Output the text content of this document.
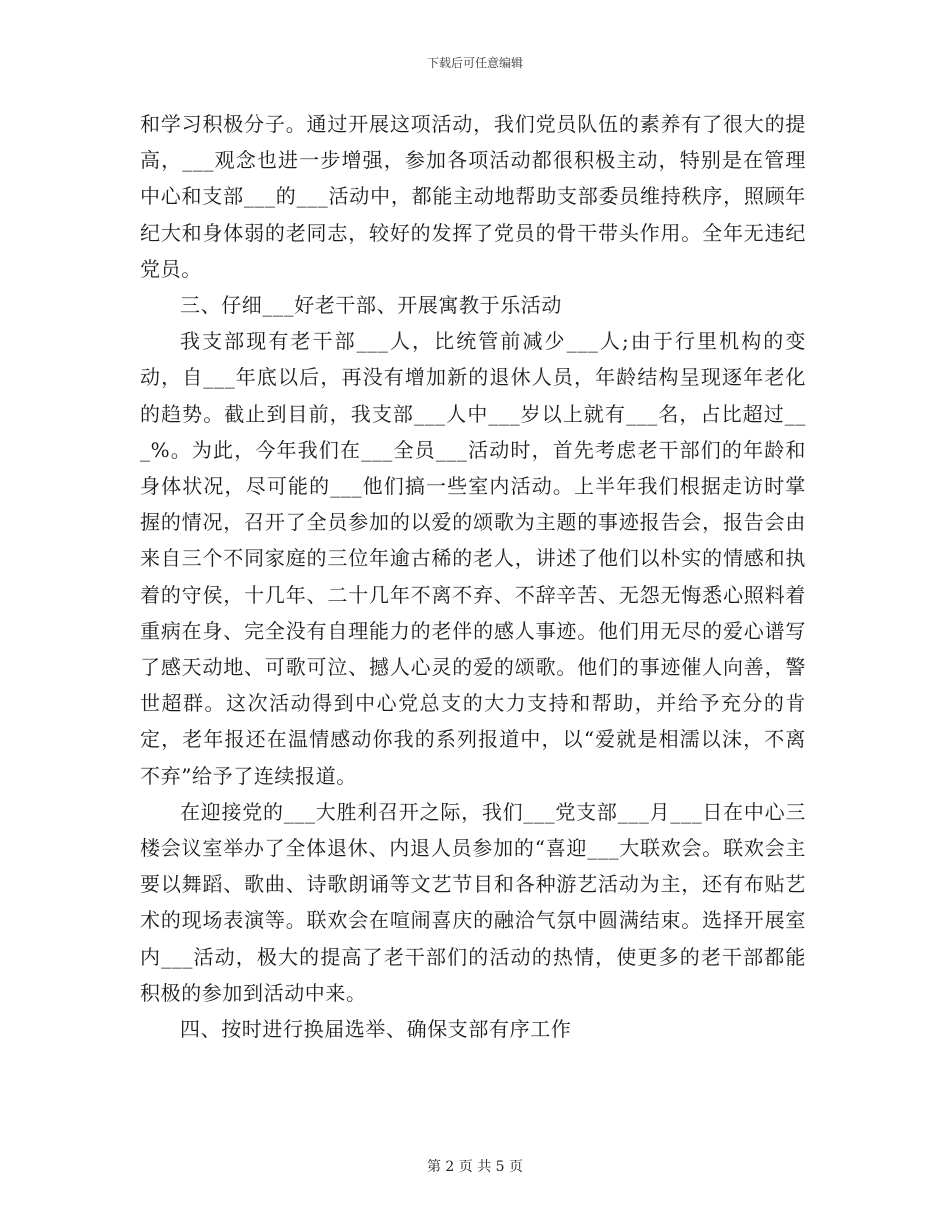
下载后可任意编辑

和学习积极分子。通过开展这项活动，我们党员队伍的素养有了很大的提高，___观念也进一步增强，参加各项活动都很积极主动，特别是在管理中心和支部___的___活动中，都能主动地帮助支部委员维持秩序，照顾年纪大和身体弱的老同志，较好的发挥了党员的骨干带头作用。全年无违纪党员。

三、仔细___好老干部、开展寓教于乐活动

我支部现有老干部___人，比统管前减少___人;由于行里机构的变动，自___年底以后，再没有增加新的退休人员，年龄结构呈现逐年老化的趋势。截止到目前，我支部___人中___岁以上就有___名，占比超过___%。为此，今年我们在___全员___活动时，首先考虑老干部们的年龄和身体状况，尽可能的___他们搞一些室内活动。上半年我们根据走访时掌握的情况，召开了全员参加的以爱的颂歌为主题的事迹报告会，报告会由来自三个不同家庭的三位年逾古稀的老人，讲述了他们以朴实的情感和执着的守侯，十几年、二十几年不离不弃、不辞辛苦、无怨无悔悉心照料着重病在身、完全没有自理能力的老伴的感人事迹。他们用无尽的爱心谱写了感天动地、可歌可泣、撼人心灵的爱的颂歌。他们的事迹催人向善，警世超群。这次活动得到中心党总支的大力支持和帮助，并给予充分的肯定，老年报还在温情感动你我的系列报道中，以“爱就是相濡以沫，不离不弃”给予了连续报道。

在迎接党的___大胜利召开之际，我们___党支部___月___日在中心三楼会议室举办了全体退休、内退人员参加的“喜迎___大联欢会。联欢会主要以舞蹈、歌曲、诗歌朗诵等文艺节目和各种游艺活动为主，还有布贴艺术的现场表演等。联欢会在喧闹喜庆的融洽气氛中圆满结束。选择开展室内___活动，极大的提高了老干部们的活动的热情，使更多的老干部都能积极的参加到活动中来。

四、按时进行换届选举、确保支部有序工作

第 2 页 共 5 页
